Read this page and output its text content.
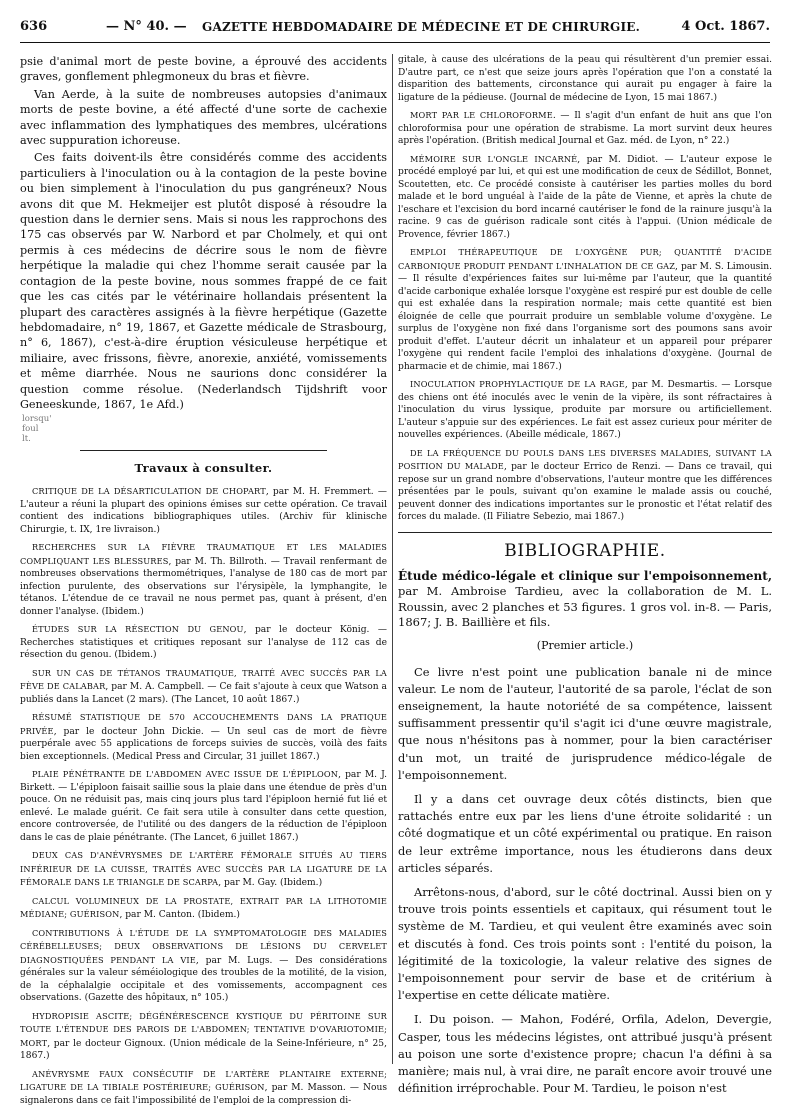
636	— N° 40. — GAZETTE HEBDOMADAIRE DE MÉDECINE ET DE CHIRURGIE.	4 Oct. 1867.

psie d'animal mort de peste bovine, a éprouvé des accidents graves, gonflement phlegmoneux du bras et fièvre.

Van Aerde, à la suite de nombreuses autopsies d'animaux morts de peste bovine, a été affecté d'une sorte de cachexie avec inflammation des lymphatiques des membres, ulcérations avec suppuration ichoreuse.

Ces faits doivent-ils être considérés comme des accidents particuliers à l'inoculation ou à la contagion de la peste bovine ou bien simplement à l'inoculation du pus gangréneux? Nous avons dit que M. Hekmeijer est plutôt disposé à résoudre la question dans le dernier sens. Mais si nous les rapprochons des 175 cas observés par W. Narbord et par Cholmely, et qui ont permis à ces médecins de décrire sous le nom de fièvre herpétique la maladie qui chez l'homme serait causée par la contagion de la peste bovine, nous sommes frappé de ce fait que les cas cités par le vétérinaire hollandais présentent la plupart des caractères assignés à la fièvre herpétique (Gazette hebdomadaire, n° 19, 1867, et Gazette médicale de Strasbourg, n° 6, 1867), c'est-à-dire éruption vésiculeuse herpétique et miliaire, avec frissons, fièvre, anorexie, anxiété, vomissements et même diarrhée. Nous ne saurions donc considérer la question comme résolue. (Nederlandsch Tijdshrift voor Geneeskunde, 1867, 1e Afd.)

lorsqu'
foul
lt.
Travaux à consulter.

CRITIQUE DE LA DÉSARTICULATION DE CHOPART, par M. H. Fremmert. — L'auteur a réuni la plupart des opinions émises sur cette opération. Ce travail contient des indications bibliographiques utiles. (Archiv für klinische Chirurgie, t. IX, 1re livraison.)

RECHERCHES SUR LA FIÈVRE TRAUMATIQUE ET LES MALADIES COMPLIQUANT LES BLESSURES, par M. Th. Billroth. — Travail renfermant de nombreuses observations thermométriques, l'analyse de 180 cas de mort par infection purulente, des observations sur l'érysipèle, la lymphangite, le tétanos. L'étendue de ce travail ne nous permet pas, quant à présent, d'en donner l'analyse. (Ibidem.)

ÉTUDES SUR LA RÉSECTION DU GENOU, par le docteur König. — Recherches statistiques et critiques reposant sur l'analyse de 112 cas de résection du genou. (Ibidem.)

SUR UN CAS DE TÉTANOS TRAUMATIQUE, TRAITÉ AVEC SUCCÈS PAR LA FÈVE DE CALABAR, par M. A. Campbell. — Ce fait s'ajoute à ceux que Watson a publiés dans la Lancet (2 mars). (The Lancet, 10 août 1867.)

RÉSUMÉ STATISTIQUE DE 570 ACCOUCHEMENTS DANS LA PRATIQUE PRIVÉE, par le docteur John Dickie. — Un seul cas de mort de fièvre puerpérale avec 55 applications de forceps suivies de succès, voilà des faits bien exceptionnels. (Medical Press and Circular, 31 juillet 1867.)

PLAIE PÉNÉTRANTE DE L'ABDOMEN AVEC ISSUE DE L'ÉPIPLOON, par M. J. Birkett. — L'épiploon faisait saillie sous la plaie dans une étendue de près d'un pouce. On ne réduisit pas, mais cinq jours plus tard l'épiploon hernié fut lié et enlevé. Le malade guérit. Ce fait sera utile à consulter dans cette question, encore controversée, de l'utilité ou des dangers de la réduction de l'épiploon dans le cas de plaie pénétrante. (The Lancet, 6 juillet 1867.)

DEUX CAS D'ANÉVRYSMES DE L'ARTÈRE FÉMORALE SITUÉS AU TIERS INFÉRIEUR DE LA CUISSE, TRAITÉS AVEC SUCCÈS PAR LA LIGATURE DE LA FÉMORALE DANS LE TRIANGLE DE SCARPA, par M. Gay. (Ibidem.)

CALCUL VOLUMINEUX DE LA PROSTATE, EXTRAIT PAR LA LITHOTOMIE MÉDIANE; GUÉRISON, par M. Canton. (Ibidem.)

CONTRIBUTIONS À L'ÉTUDE DE LA SYMPTOMATOLOGIE DES MALADIES CÉRÉBELLEUSES; DEUX OBSERVATIONS DE LÉSIONS DU CERVELET DIAGNOSTIQUÉES PENDANT LA VIE, par M. Lugs. — Des considérations générales sur la valeur séméiologique des troubles de la motilité, de la vision, de la céphalalgie occipitale et des vomissements, accompagnent ces observations. (Gazette des hôpitaux, n° 105.)

HYDROPISIE ASCITE; DÉGÉNÉRESCENCE KYSTIQUE DU PÉRITOINE SUR TOUTE L'ÉTENDUE DES PAROIS DE L'ABDOMEN; TENTATIVE D'OVARIOTOMIE; MORT, par le docteur Gignoux. (Union médicale de la Seine-Inférieure, n° 25, 1867.)

ANÉVRYSME FAUX CONSÉCUTIF DE L'ARTÈRE PLANTAIRE EXTERNE; LIGATURE DE LA TIBIALE POSTÉRIEURE; GUÉRISON, par M. Masson. — Nous signalerons dans ce fait l'impossibilité de l'emploi de la compression di-

gitale, à cause des ulcérations de la peau qui résultèrent d'un premier essai. D'autre part, ce n'est que seize jours après l'opération que l'on a constaté la disparition des battements, circonstance qui aurait pu engager à faire la ligature de la pédieuse. (Journal de médecine de Lyon, 15 mai 1867.)

MORT PAR LE CHLOROFORME. — Il s'agit d'un enfant de huit ans que l'on chloroformisa pour une opération de strabisme. La mort survint deux heures après l'opération. (British medical Journal et Gaz. méd. de Lyon, n° 22.)

MÉMOIRE SUR L'ONGLE INCARNÉ, par M. Didiot. — L'auteur expose le procédé employé par lui, et qui est une modification de ceux de Sédillot, Bonnet, Scoutetten, etc. Ce procédé consiste à cautériser les parties molles du bord malade et le bord unguéal à l'aide de la pâte de Vienne, et après la chute de l'eschare et l'excision du bord incarné cautériser le fond de la rainure jusqu'à la racine. 9 cas de guérison radicale sont cités à l'appui. (Union médicale de Provence, février 1867.)

EMPLOI THÉRAPEUTIQUE DE L'OXYGÈNE PUR; QUANTITÉ D'ACIDE CARBONIQUE PRODUIT PENDANT L'INHALATION DE CE GAZ, par M. S. Limousin. — Il résulte d'expériences faites sur lui-même par l'auteur, que la quantité d'acide carbonique exhalée lorsque l'oxygène est respiré pur est double de celle qui est exhalée dans la respiration normale; mais cette quantité est bien éloignée de celle que pourrait produire un semblable volume d'oxygène. Le surplus de l'oxygène non fixé dans l'organisme sort des poumons sans avoir produit d'effet. L'auteur décrit un inhalateur et un appareil pour préparer l'oxygène qui rendent facile l'emploi des inhalations d'oxygène. (Journal de pharmacie et de chimie, mai 1867.)

INOCULATION PROPHYLACTIQUE DE LA RAGE, par M. Desmartis. — Lorsque des chiens ont été inoculés avec le venin de la vipère, ils sont réfractaires à l'inoculation du virus lyssique, produite par morsure ou artificiellement. L'auteur s'appuie sur des expériences. Le fait est assez curieux pour mériter de nouvelles expériences. (Abeille médicale, 1867.)

DE LA FRÉQUENCE DU POULS DANS LES DIVERSES MALADIES, SUIVANT LA POSITION DU MALADE, par le docteur Errico de Renzi. — Dans ce travail, qui repose sur un grand nombre d'observations, l'auteur montre que les différences présentées par le pouls, suivant qu'on examine le malade assis ou couché, peuvent donner des indications importantes sur le pronostic et l'état relatif des forces du malade. (Il Filiatre Sebezio, mai 1867.)

BIBLIOGRAPHIE.

Étude médico-légale et clinique sur l'empoisonnement, par M. Ambroise Tardieu, avec la collaboration de M. L. Roussin, avec 2 planches et 53 figures. 1 gros vol. in-8. — Paris, 1867; J. B. Baillière et fils.

(Premier article.)

Ce livre n'est point une publication banale ni de mince valeur. Le nom de l'auteur, l'autorité de sa parole, l'éclat de son enseignement, la haute notoriété de sa compétence, laissent suffisamment pressentir qu'il s'agit ici d'une œuvre magistrale, que nous n'hésitons pas à nommer, pour la bien caractériser d'un mot, un traité de jurisprudence médico-légale de l'empoisonnement.

Il y a dans cet ouvrage deux côtés distincts, bien que rattachés entre eux par les liens d'une étroite solidarité : un côté dogmatique et un côté expérimental ou pratique. En raison de leur extrême importance, nous les étudierons dans deux articles séparés.

Arrêtons-nous, d'abord, sur le côté doctrinal. Aussi bien on y trouve trois points essentiels et capitaux, qui résument tout le système de M. Tardieu, et qui veulent être examinés avec soin et discutés à fond. Ces trois points sont : l'entité du poison, la légitimité de la toxicologie, la valeur relative des signes de l'empoisonnement pour servir de base et de critérium à l'expertise en cette délicate matière.

I. Du poison. — Mahon, Fodéré, Orfila, Adelon, Devergie, Casper, tous les médecins légistes, ont attribué jusqu'à présent au poison une sorte d'existence propre; chacun l'a défini à sa manière; mais nul, à vrai dire, ne paraît encore avoir trouvé une définition irréprochable. Pour M. Tardieu, le poison n'est
